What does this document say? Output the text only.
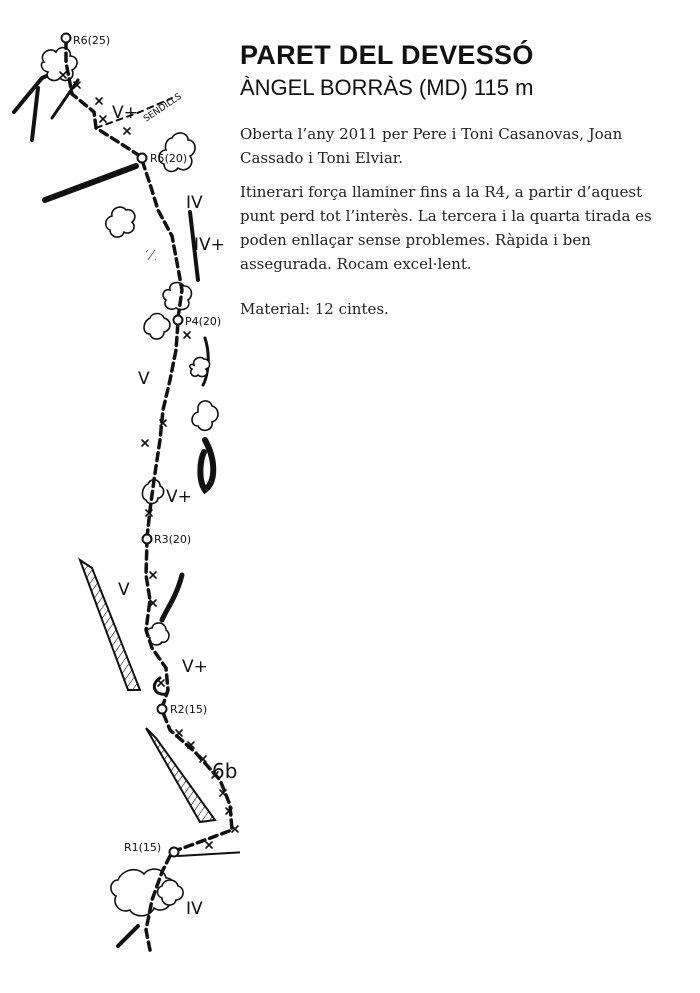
R6(25)
R5(20)
P4(20)
R3(20)
R2(15)
R1(15)
V+
IV
IV+
V
V+
V
V+
6b
IV
SENDILLS
PARET DEL DEVESSÓ
ÀNGEL BORRÀS (MD) 115 m

Oberta l’any 2011 per Pere i Toni Casanovas, Joan Cassado i Toni Elviar.

Itinerari força llaminer fins a la R4, a partir d’aquest punt perd tot l’interès. La tercera i la quarta tirada es poden enllaçar sense problemes. Ràpida i ben assegurada. Rocam excel·lent.

Material: 12 cintes.
